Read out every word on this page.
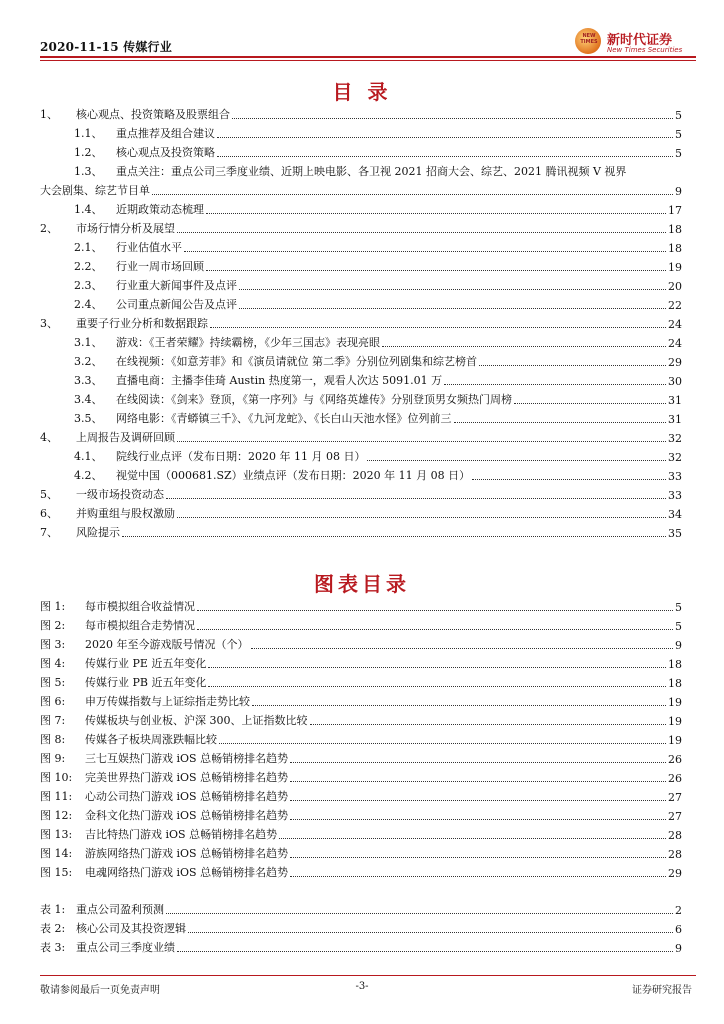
2020-11-15 传媒行业
NEW TIMES 新时代证券
New Times Securities
目 录
1、	核心观点、投资策略及股票组合	5
1.1、	重点推荐及组合建议	5
1.2、	核心观点及投资策略	5
1.3、	重点关注：重点公司三季度业绩、近期上映电影、各卫视 2021 招商大会、综艺、2021 腾讯视频 V 视界
大会剧集、综艺节目单	9
1.4、	近期政策动态梳理	17
2、	市场行情分析及展望	18
2.1、	行业估值水平	18
2.2、	行业一周市场回顾	19
2.3、	行业重大新闻事件及点评	20
2.4、	公司重点新闻公告及点评	22
3、	重要子行业分析和数据跟踪	24
3.1、	游戏：《王者荣耀》持续霸榜，《少年三国志》表现亮眼	24
3.2、	在线视频：《如意芳菲》和《演员请就位 第二季》分别位列剧集和综艺榜首	29
3.3、	直播电商：主播李佳琦 Austin 热度第一，观看人次达 5091.01 万	30
3.4、	在线阅读：《剑来》登顶，《第一序列》与《网络英雄传》分别登顶男女频热门周榜	31
3.5、	网络电影：《青蟒镇三千》、《九河龙蛇》、《长白山天池水怪》位列前三	31
4、	上周报告及调研回顾	32
4.1、	院线行业点评（发布日期：2020 年 11 月 08 日）	32
4.2、	视觉中国（000681.SZ）业绩点评（发布日期：2020 年 11 月 08 日）	33
5、	一级市场投资动态	33
6、	并购重组与股权激励	34
7、	风险提示	35
图表目录
图 1:	每市模拟组合收益情况	5
图 2:	每市模拟组合走势情况	5
图 3:	2020 年至今游戏版号情况（个）	9
图 4:	传媒行业 PE 近五年变化	18
图 5:	传媒行业 PB 近五年变化	18
图 6:	申万传媒指数与上证综指走势比较	19
图 7:	传媒板块与创业板、沪深 300、上证指数比较	19
图 8:	传媒各子板块周涨跌幅比较	19
图 9:	三七互娱热门游戏 iOS 总畅销榜排名趋势	26
图 10:	完美世界热门游戏 iOS 总畅销榜排名趋势	26
图 11:	心动公司热门游戏 iOS 总畅销榜排名趋势	27
图 12:	金科文化热门游戏 iOS 总畅销榜排名趋势	27
图 13:	吉比特热门游戏 iOS 总畅销榜排名趋势	28
图 14:	游族网络热门游戏 iOS 总畅销榜排名趋势	28
图 15:	电魂网络热门游戏 iOS 总畅销榜排名趋势	29
表 1: 重点公司盈利预测	2
表 2: 核心公司及其投资逻辑	6
表 3: 重点公司三季度业绩	9
敬请参阅最后一页免责声明	-3-	证券研究报告
